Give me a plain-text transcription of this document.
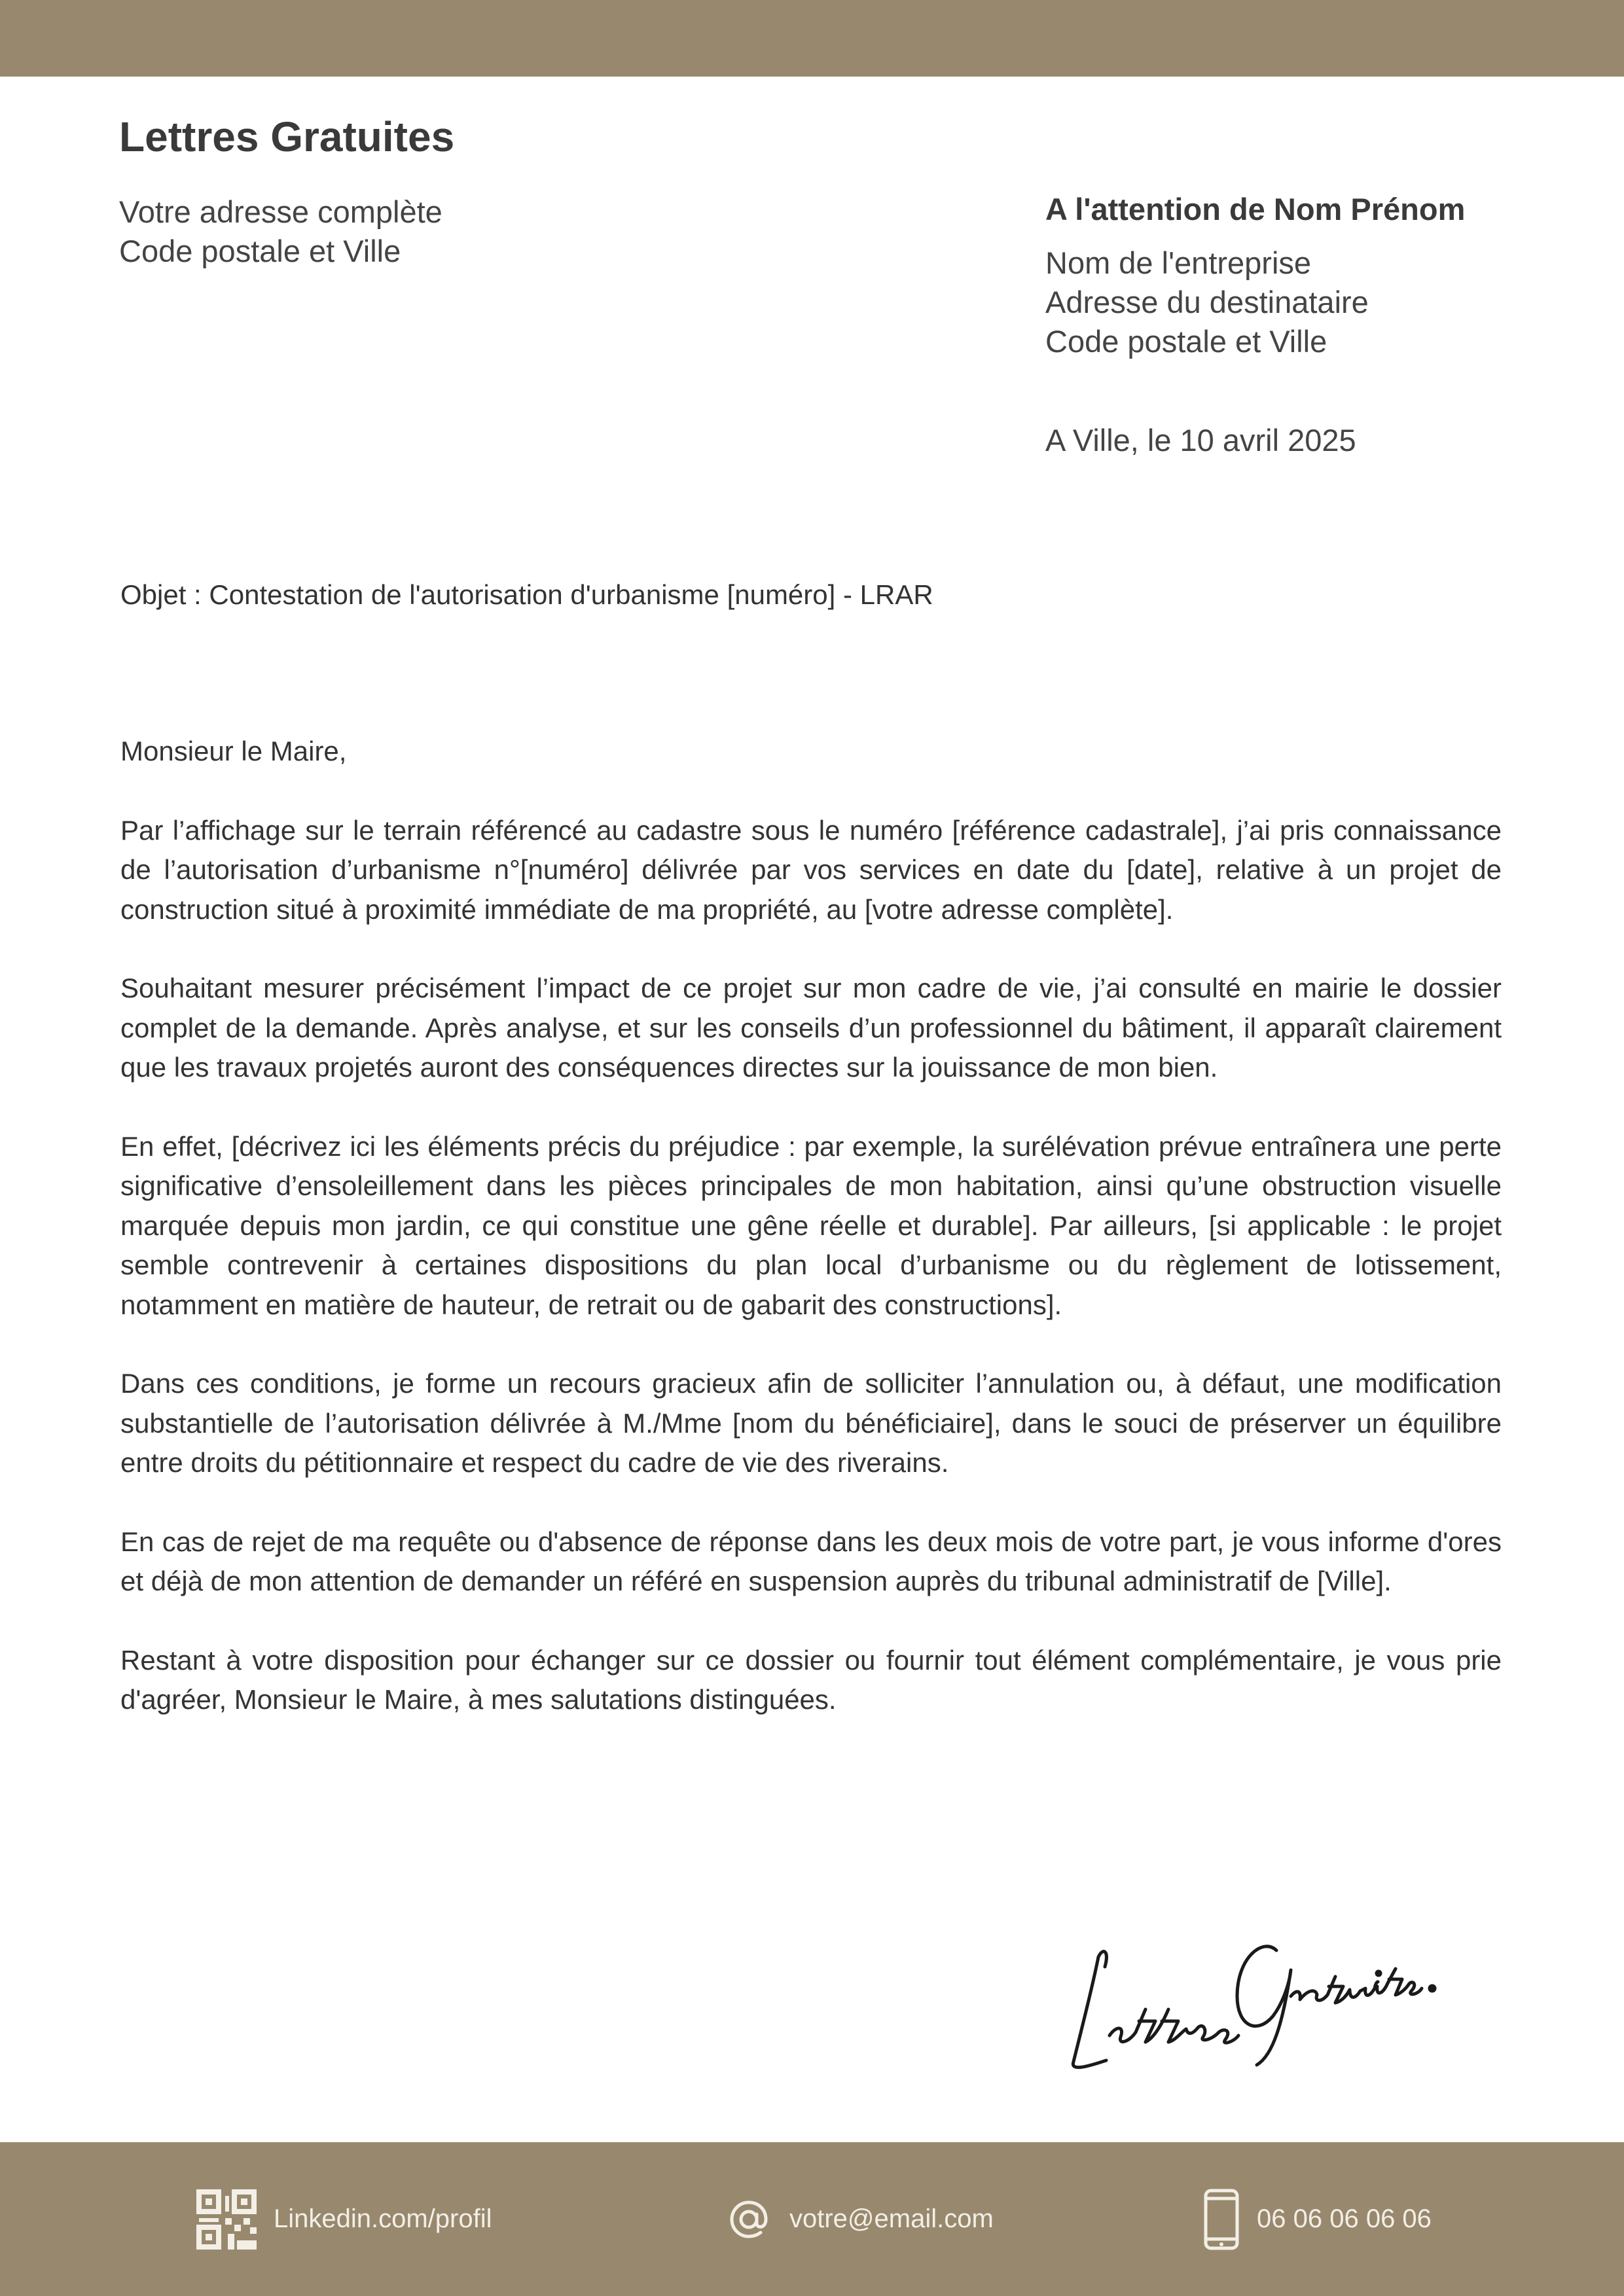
Lettres Gratuites
Votre adresse complète
Code postale et Ville
A l'attention de Nom Prénom
Nom de l'entreprise
Adresse du destinataire
Code postale et Ville
A Ville, le 10 avril 2025
Objet : Contestation de l'autorisation d'urbanisme [numéro] - LRAR

Monsieur le Maire,

Par l’affichage sur le terrain référencé au cadastre sous le numéro [référence cadastrale], j’ai pris connaissance de l’autorisation d’urbanisme n°[numéro] délivrée par vos services en date du [date], relative à un projet de construction situé à proximité immédiate de ma propriété, au [votre adresse complète].

Souhaitant mesurer précisément l’impact de ce projet sur mon cadre de vie, j’ai consulté en mairie le dossier complet de la demande. Après analyse, et sur les conseils d’un professionnel du bâtiment, il apparaît clairement que les travaux projetés auront des conséquences directes sur la jouissance de mon bien.

En effet, [décrivez ici les éléments précis du préjudice : par exemple, la surélévation prévue entraînera une perte significative d’ensoleillement dans les pièces principales de mon habitation, ainsi qu’une obstruction visuelle marquée depuis mon jardin, ce qui constitue une gêne réelle et durable]. Par ailleurs, [si applicable : le projet semble contrevenir à certaines dispositions du plan local d’urbanisme ou du règlement de lotissement, notamment en matière de hauteur, de retrait ou de gabarit des constructions].

Dans ces conditions, je forme un recours gracieux afin de solliciter l’annulation ou, à défaut, une modification substantielle de l’autorisation délivrée à M./Mme [nom du bénéficiaire], dans le souci de préserver un équilibre entre droits du pétitionnaire et respect du cadre de vie des riverains.

En cas de rejet de ma requête ou d'absence de réponse dans les deux mois de votre part, je vous informe d'ores et déjà de mon attention de demander un référé en suspension auprès du tribunal administratif de [Ville].

Restant à votre disposition pour échanger sur ce dossier ou fournir tout élément complémentaire, je vous prie d'agréer, Monsieur le Maire, à mes salutations distinguées.

Linkedin.com/profil	votre@email.com	06 06 06 06 06
